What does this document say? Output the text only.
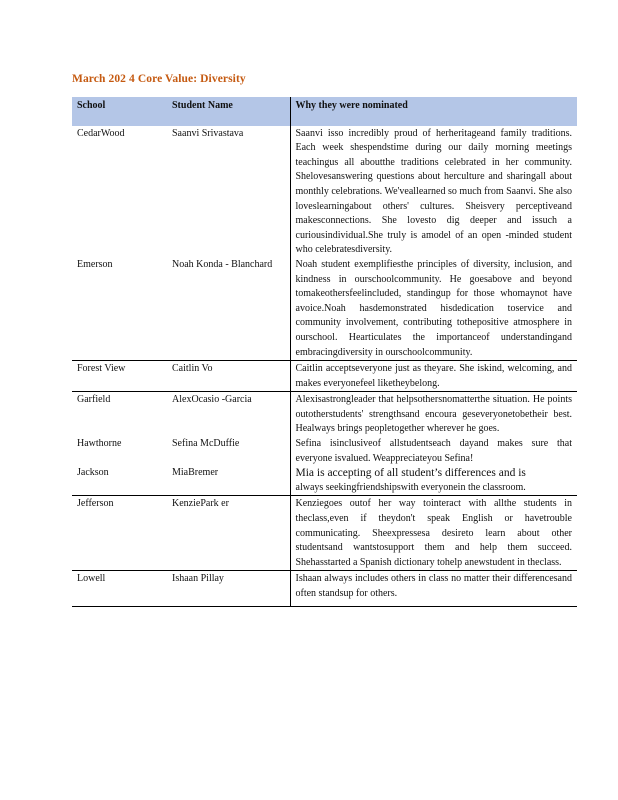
March 202 4 Core Value: Diversity
School	Student Name	Why they were nominated
CedarWood	Saanvi Srivastava	Saanvi isso incredibly proud of herheritageand family traditions. Each week shespendstime during our daily morning meetings teachingus all aboutthe traditions celebrated in her community. Shelovesanswering questions about herculture and sharingall about monthly celebrations. We'veallearned so much from Saanvi. She also loveslearningabout others' cultures. Sheisvery perceptiveand makesconnections. She lovesto dig deeper and issuch a curiousindividual.She truly is amodel of an open -minded student who celebratesdiversity.
Emerson	Noah Konda - Blanchard	Noah student exemplifiesthe principles of diversity, inclusion, and kindness in ourschoolcommunity. He goesabove and beyond tomakeothersfeelincluded, standingup for those whomaynot have avoice.Noah hasdemonstrated hisdedication toservice and community involvement, contributing tothepositive atmosphere in ourschool. Hearticulates the importanceof understandingand embracingdiversity in ourschoolcommunity.
Forest View	Caitlin Vo	Caitlin acceptseveryone just as theyare. She iskind, welcoming, and makes everyonefeel liketheybelong.
Garfield	AlexOcasio -Garcia	Alexisastrongleader that helpsothersnomatterthe situation. He points outotherstudents' strengthsand encoura geseveryonetobetheir best. Healways brings peopletogether wherever he goes.
Hawthorne	Sefina McDuffie	Sefina isinclusiveof allstudentseach dayand makes sure that everyone isvalued. Weappreciateyou Sefina!
Jackson	MiaBremer	Mia is accepting of all student’s differences and is
always seekingfriendshipswith everyonein the classroom.

Jefferson	KenziePark er	Kenziegoes outof her way tointeract with allthe students in theclass,even if theydon't speak English or havetrouble communicating. Sheexpressesa desireto learn about other studentsand wantstosupport them and help them succeed. Shehasstarted a Spanish dictionary tohelp anewstudent in theclass.
Lowell	Ishaan Pillay	Ishaan always includes others in class no matter their differencesand often standsup for others.
